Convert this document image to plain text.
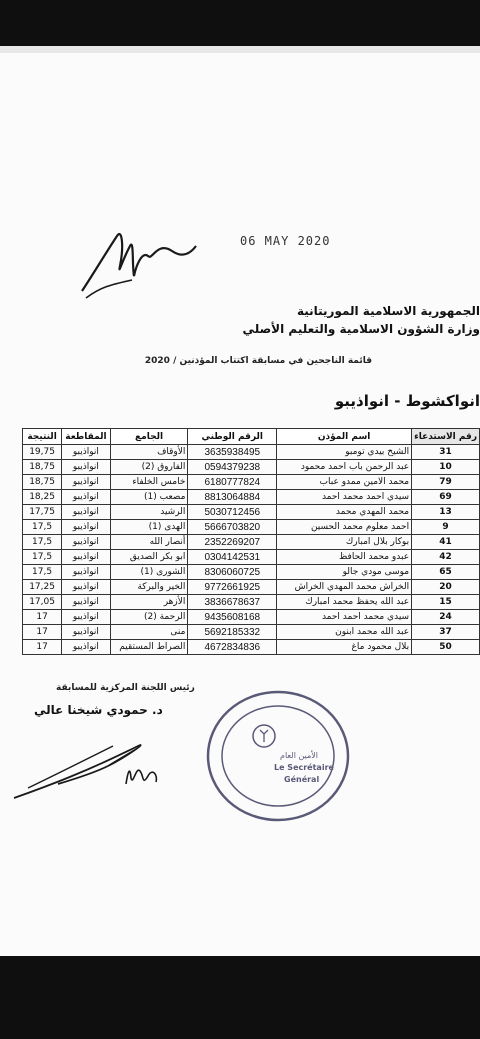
06 MAY 2020
الجمهورية الاسلامية الموريتانية
وزارة الشؤون الاسلامية والتعليم الأصلي
قائمة الناجحين في مسابقة اكتتاب المؤذنين / 2020
انواكشوط - انواذيبو
رقم الاستدعاء	اسم المؤذن	الرقم الوطني	الجامع	المقاطعة	النتيجة
31	الشيخ بيدي تومبو	3635938495	الأوقاف	انواذيبو	19,75
10	عبد الرحمن باب احمد محمود	0594379238	الفاروق (2)	انواذيبو	18,75
79	محمد الامين ممدو عباب	6180777824	خامس الخلفاء	انواذيبو	18,75
69	سيدي احمد محمد احمد	8813064884	مصعب (1)	انواذيبو	18,25
13	محمد المهدي محمد	5030712456	الرشيد	انواذيبو	17,75
9	احمد معلوم محمد الحسين	5666703820	الهدى (1)	انواذيبو	17,5
41	بوكار بلال امبارك	2352269207	أنصار الله	انواذيبو	17,5
42	عبدو محمد الحافظ	0304142531	ابو بكر الصديق	انواذيبو	17,5
65	موسى مودي جالو	8306060725	الشورى (1)	انواذيبو	17,5
20	الخراش محمد المهدي الخراش	9772661925	الخير والبركة	انواذيبو	17,25
15	عبد الله يحفظ محمد امبارك	3836678637	الأزهر	انواذيبو	17,05
24	سيدي محمد احمد احمد	9435608168	الرحمة (2)	انواذيبو	17
37	عبد الله محمد ابنون	5692185332	منى	انواذيبو	17
50	بلال محمود ماغ	4672834836	الصراط المستقيم	انواذيبو	17
رئيس اللجنة المركزية للمسابقة
د. حمودي شيخنا عالي
الأمين العام
Le Secrétaire
Général
